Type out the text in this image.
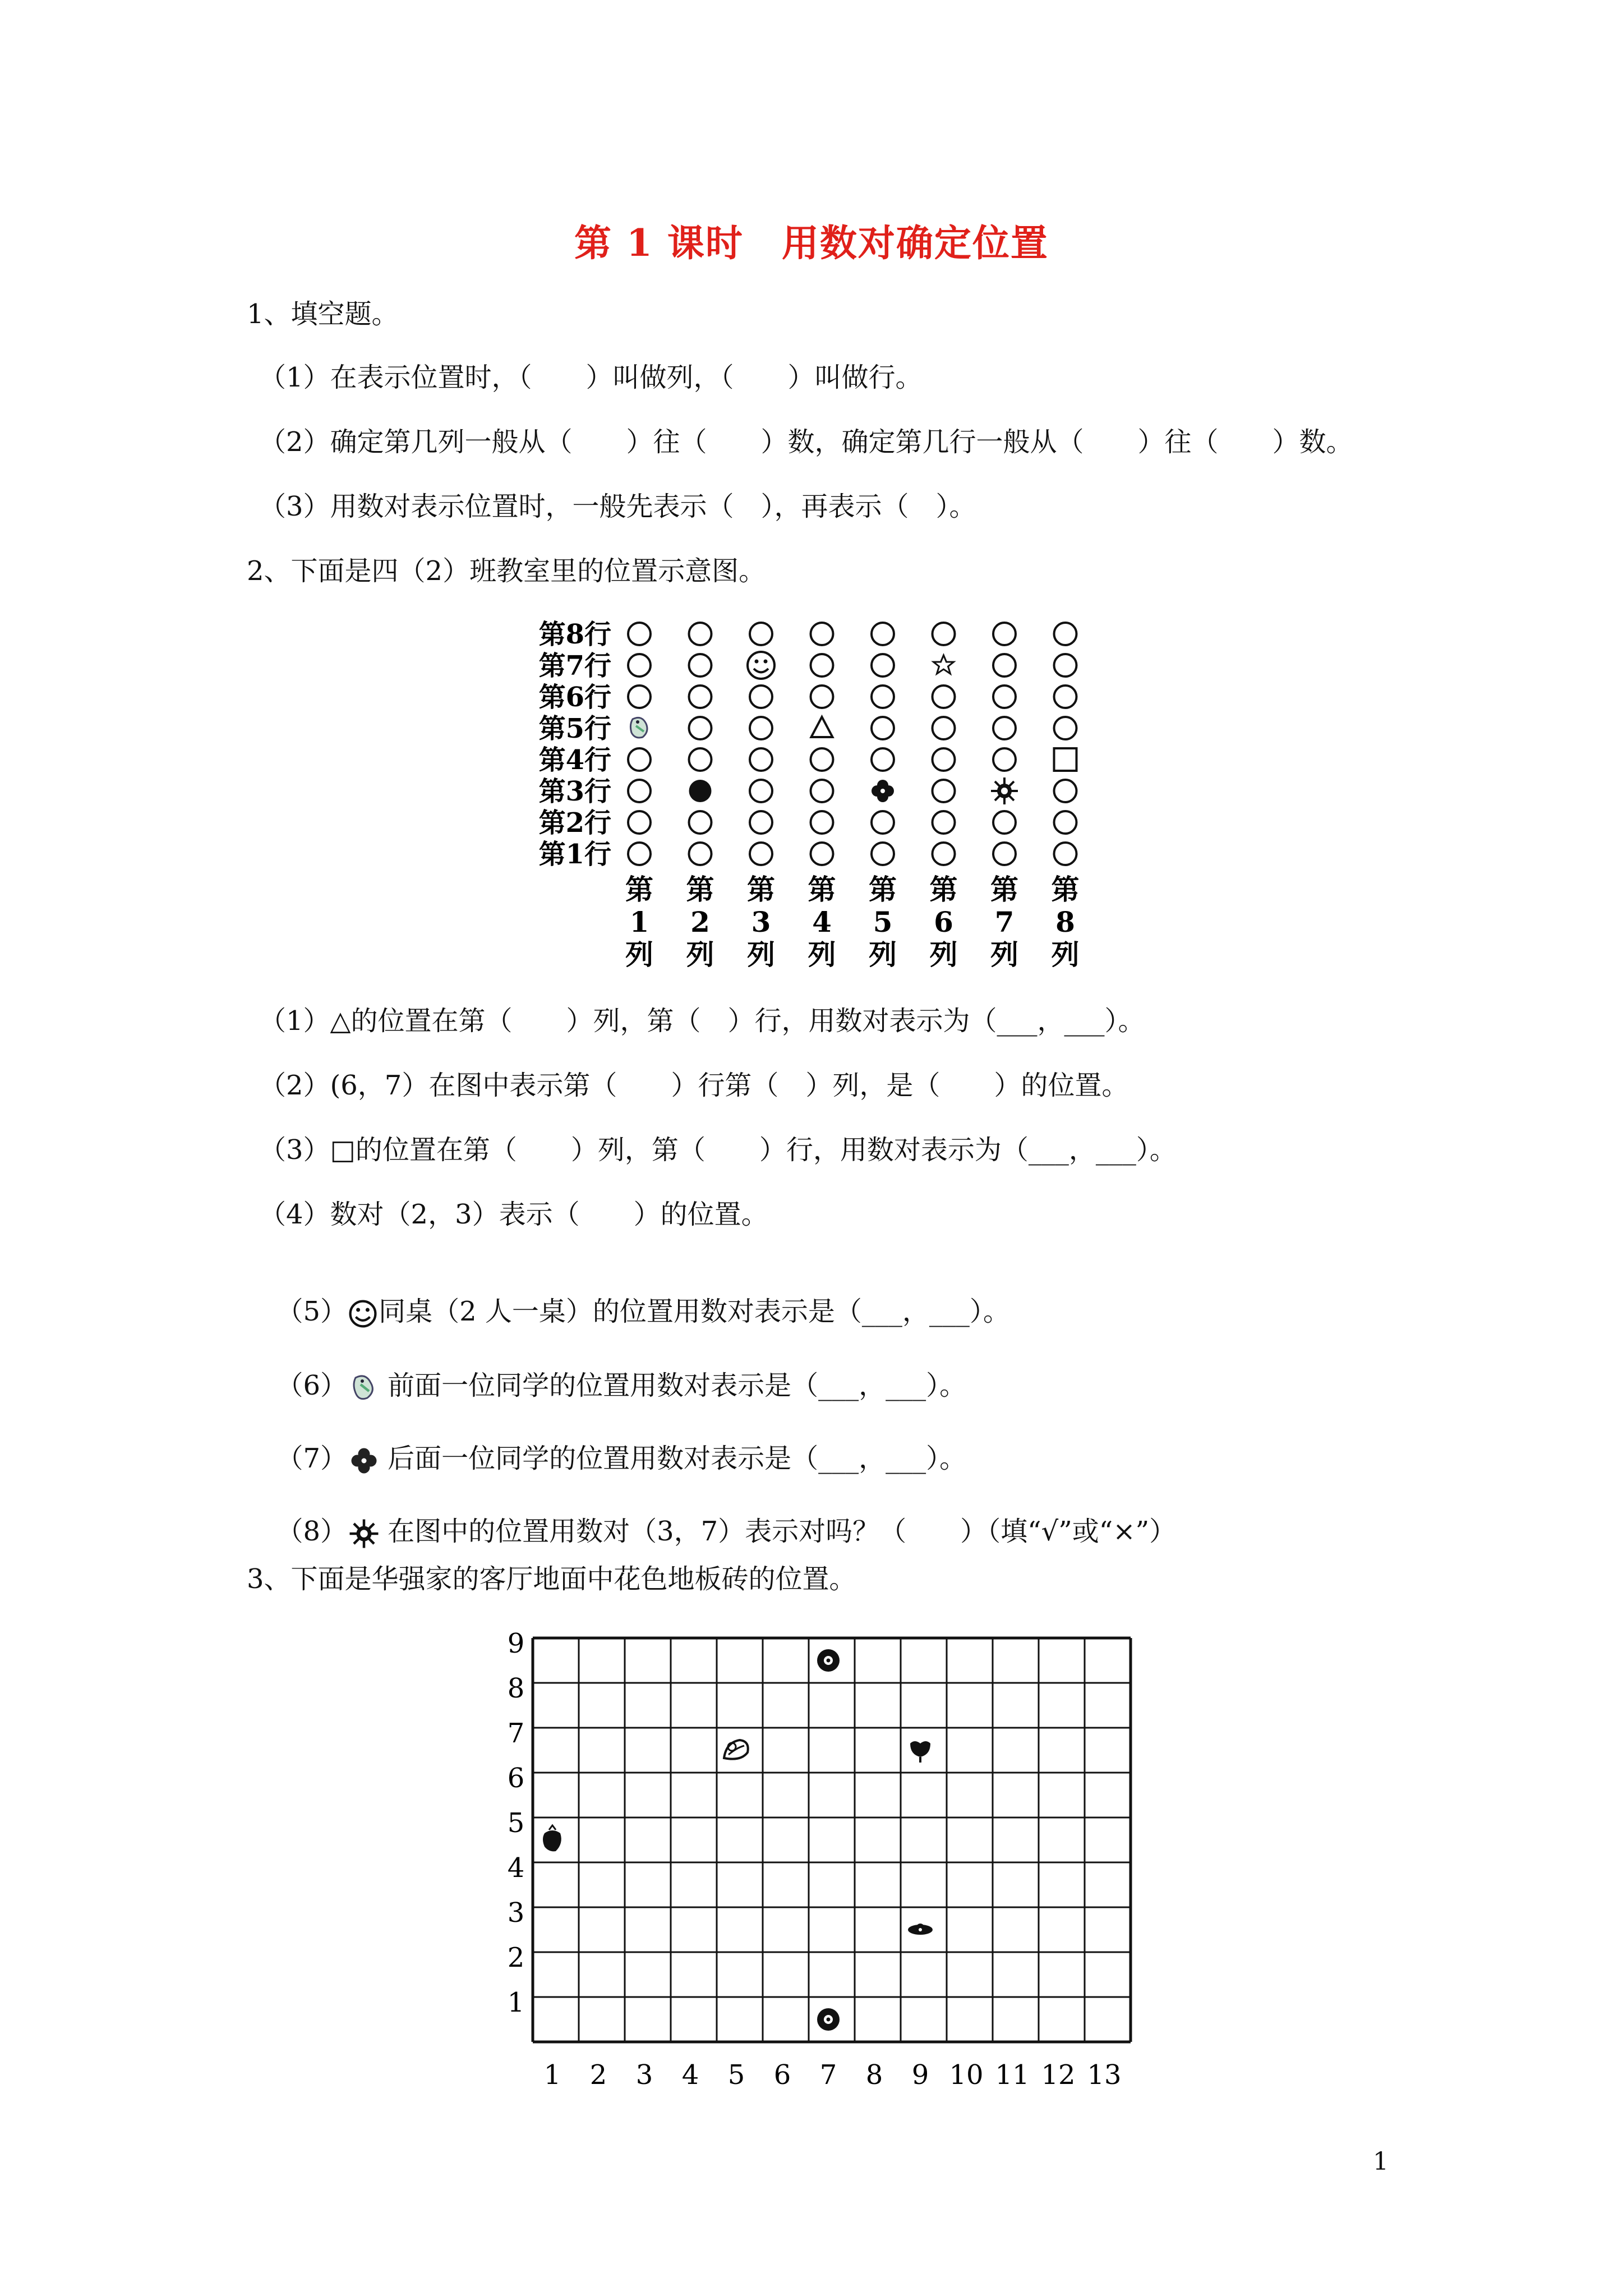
第 1 课时　用数对确定位置
1、填空题。
（1）在表示位置时，（　　）叫做列，（　　）叫做行。
（2）确定第几列一般从（　　）往（　　）数，确定第几行一般从（　　）往（　　）数。
（3）用数对表示位置时，一般先表示（　），再表示（　）。
2、下面是四（2）班教室里的位置示意图。
第8行
第7行
第6行
第5行
第4行
第3行
第2行
第1行
第
1
列
第
2
列
第
3
列
第
4
列
第
5
列
第
6
列
第
7
列
第
8
列
（1）△的位置在第（　　）列，第（　）行，用数对表示为（___，___）。
（2）(6，7）在图中表示第（　　）行第（　）列，是（　　）的位置。
（3）□的位置在第（　　）列，第（　　）行，用数对表示为（___，___）。
（4）数对（2，3）表示（　　）的位置。

（5） 同桌（2 人一桌）的位置用数对表示是（___，___）。

（6） 前面一位同学的位置用数对表示是（___，___）。

（7） 后面一位同学的位置用数对表示是（___，___）。

（8） 在图中的位置用数对（3，7）表示对吗？（　　）（填“√”或“×”）

3、下面是华强家的客厅地面中花色地板砖的位置。
9
8
7
6
5
4
3
2
1
1 2 3 4 5 6 7 8 9 10 11 12 13
1
